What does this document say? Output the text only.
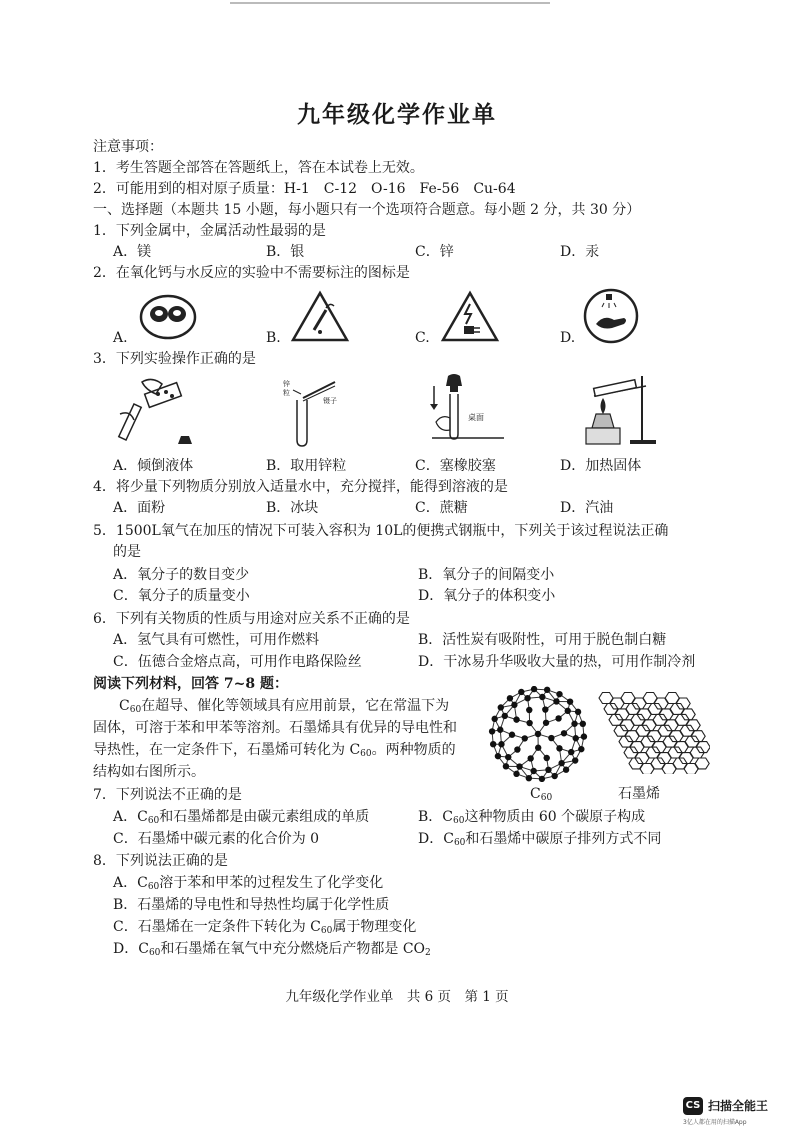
九年级化学作业单
注意事项：
1．考生答题全部答在答题纸上，答在本试卷上无效。
2．可能用到的相对原子质量：H-1　C-12　O-16　Fe-56　Cu-64
一、选择题（本题共 15 小题，每小题只有一个选项符合题意。每小题 2 分，共 30 分）
1．下列金属中，金属活动性最弱的是
A．镁	B．银	C．锌	D．汞
2．在氧化钙与水反应的实验中不需要标注的图标是
A.	B.	C.	D.
3．下列实验操作正确的是
锌
粒
镊子
桌面
A．倾倒液体	B．取用锌粒	C．塞橡胶塞	D．加热固体
4．将少量下列物质分别放入适量水中，充分搅拌，能得到溶液的是
A．面粉	B．冰块	C．蔗糖	D．汽油
5．1500L氧气在加压的情况下可装入容积为 10L的便携式钢瓶中，下列关于该过程说法正确
的是
A．氧分子的数目变少	B．氧分子的间隔变小
C．氧分子的质量变小	D．氧分子的体积变小
6．下列有关物质的性质与用途对应关系不正确的是
A．氢气具有可燃性，可用作燃料	B．活性炭有吸附性，可用于脱色制白糖
C．伍德合金熔点高，可用作电路保险丝	D．干冰易升华吸收大量的热，可用作制冷剂
阅读下列材料，回答 7~8 题：
$C_{60}$在超导、催化等领域具有应用前景，它在常温下为
固体，可溶于苯和甲苯等溶剂。石墨烯具有优异的导电性和
导热性，在一定条件下，石墨烯可转化为 $C_{60}$。两种物质的
结构如右图所示。
$C_{60}$	石墨烯
7．下列说法不正确的是
A．$C_{60}$和石墨烯都是由碳元素组成的单质	B．$C_{60}$这种物质由 60 个碳原子构成
C．石墨烯中碳元素的化合价为 0	D．$C_{60}$和石墨烯中碳原子排列方式不同
8．下列说法正确的是
A．$C_{60}$溶于苯和甲苯的过程发生了化学变化
B．石墨烯的导电性和导热性均属于化学性质
C．石墨烯在一定条件下转化为 $C_{60}$属于物理变化
D．$C_{60}$和石墨烯在氧气中充分燃烧后产物都是 $CO_2$
九年级化学作业单　共 6 页　第 1 页
CS 扫描全能王
3亿人都在用的扫描App
